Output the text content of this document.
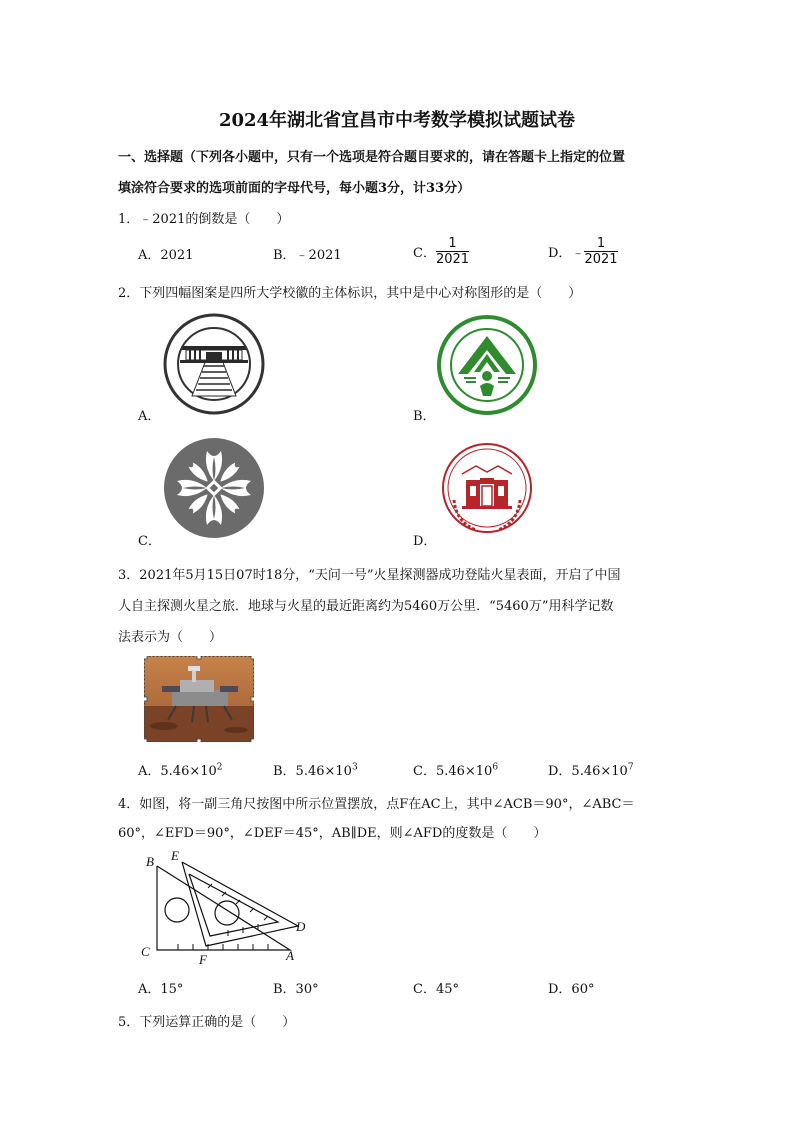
2024年湖北省宜昌市中考数学模拟试题试卷
一、选择题（下列各小题中，只有一个选项是符合题目要求的，请在答题卡上指定的位置
填涂符合要求的选项前面的字母代号，每小题3分，计33分）
1．﹣2021的倒数是（　　）
A．2021	B．﹣2021	C． $\frac{1}{2021}$	D．﹣ $\frac{1}{2021}$
2．下列四幅图案是四所大学校徽的主体标识，其中是中心对称图形的是（　　）
A．	B．
C．	D．
3．2021年5月15日07时18分，“天问一号”火星探测器成功登陆火星表面，开启了中国
人自主探测火星之旅．地球与火星的最近距离约为5460万公里．“5460万”用科学记数
法表示为（　　）
A．$5.46\times 10^2$	B．$5.46\times 10^3$	C．$5.46\times 10^6$	D．$5.46\times 10^7$
4．如图，将一副三角尺按图中所示位置摆放，点F在AC上，其中∠ACB＝90°，∠ABC＝
60°，∠EFD＝90°，∠DEF＝45°，AB∥DE，则∠AFD的度数是（　　）
B E
C
F	A
D
A．15°	B．30°	C．45°	D．60°
5．下列运算正确的是（　　）
